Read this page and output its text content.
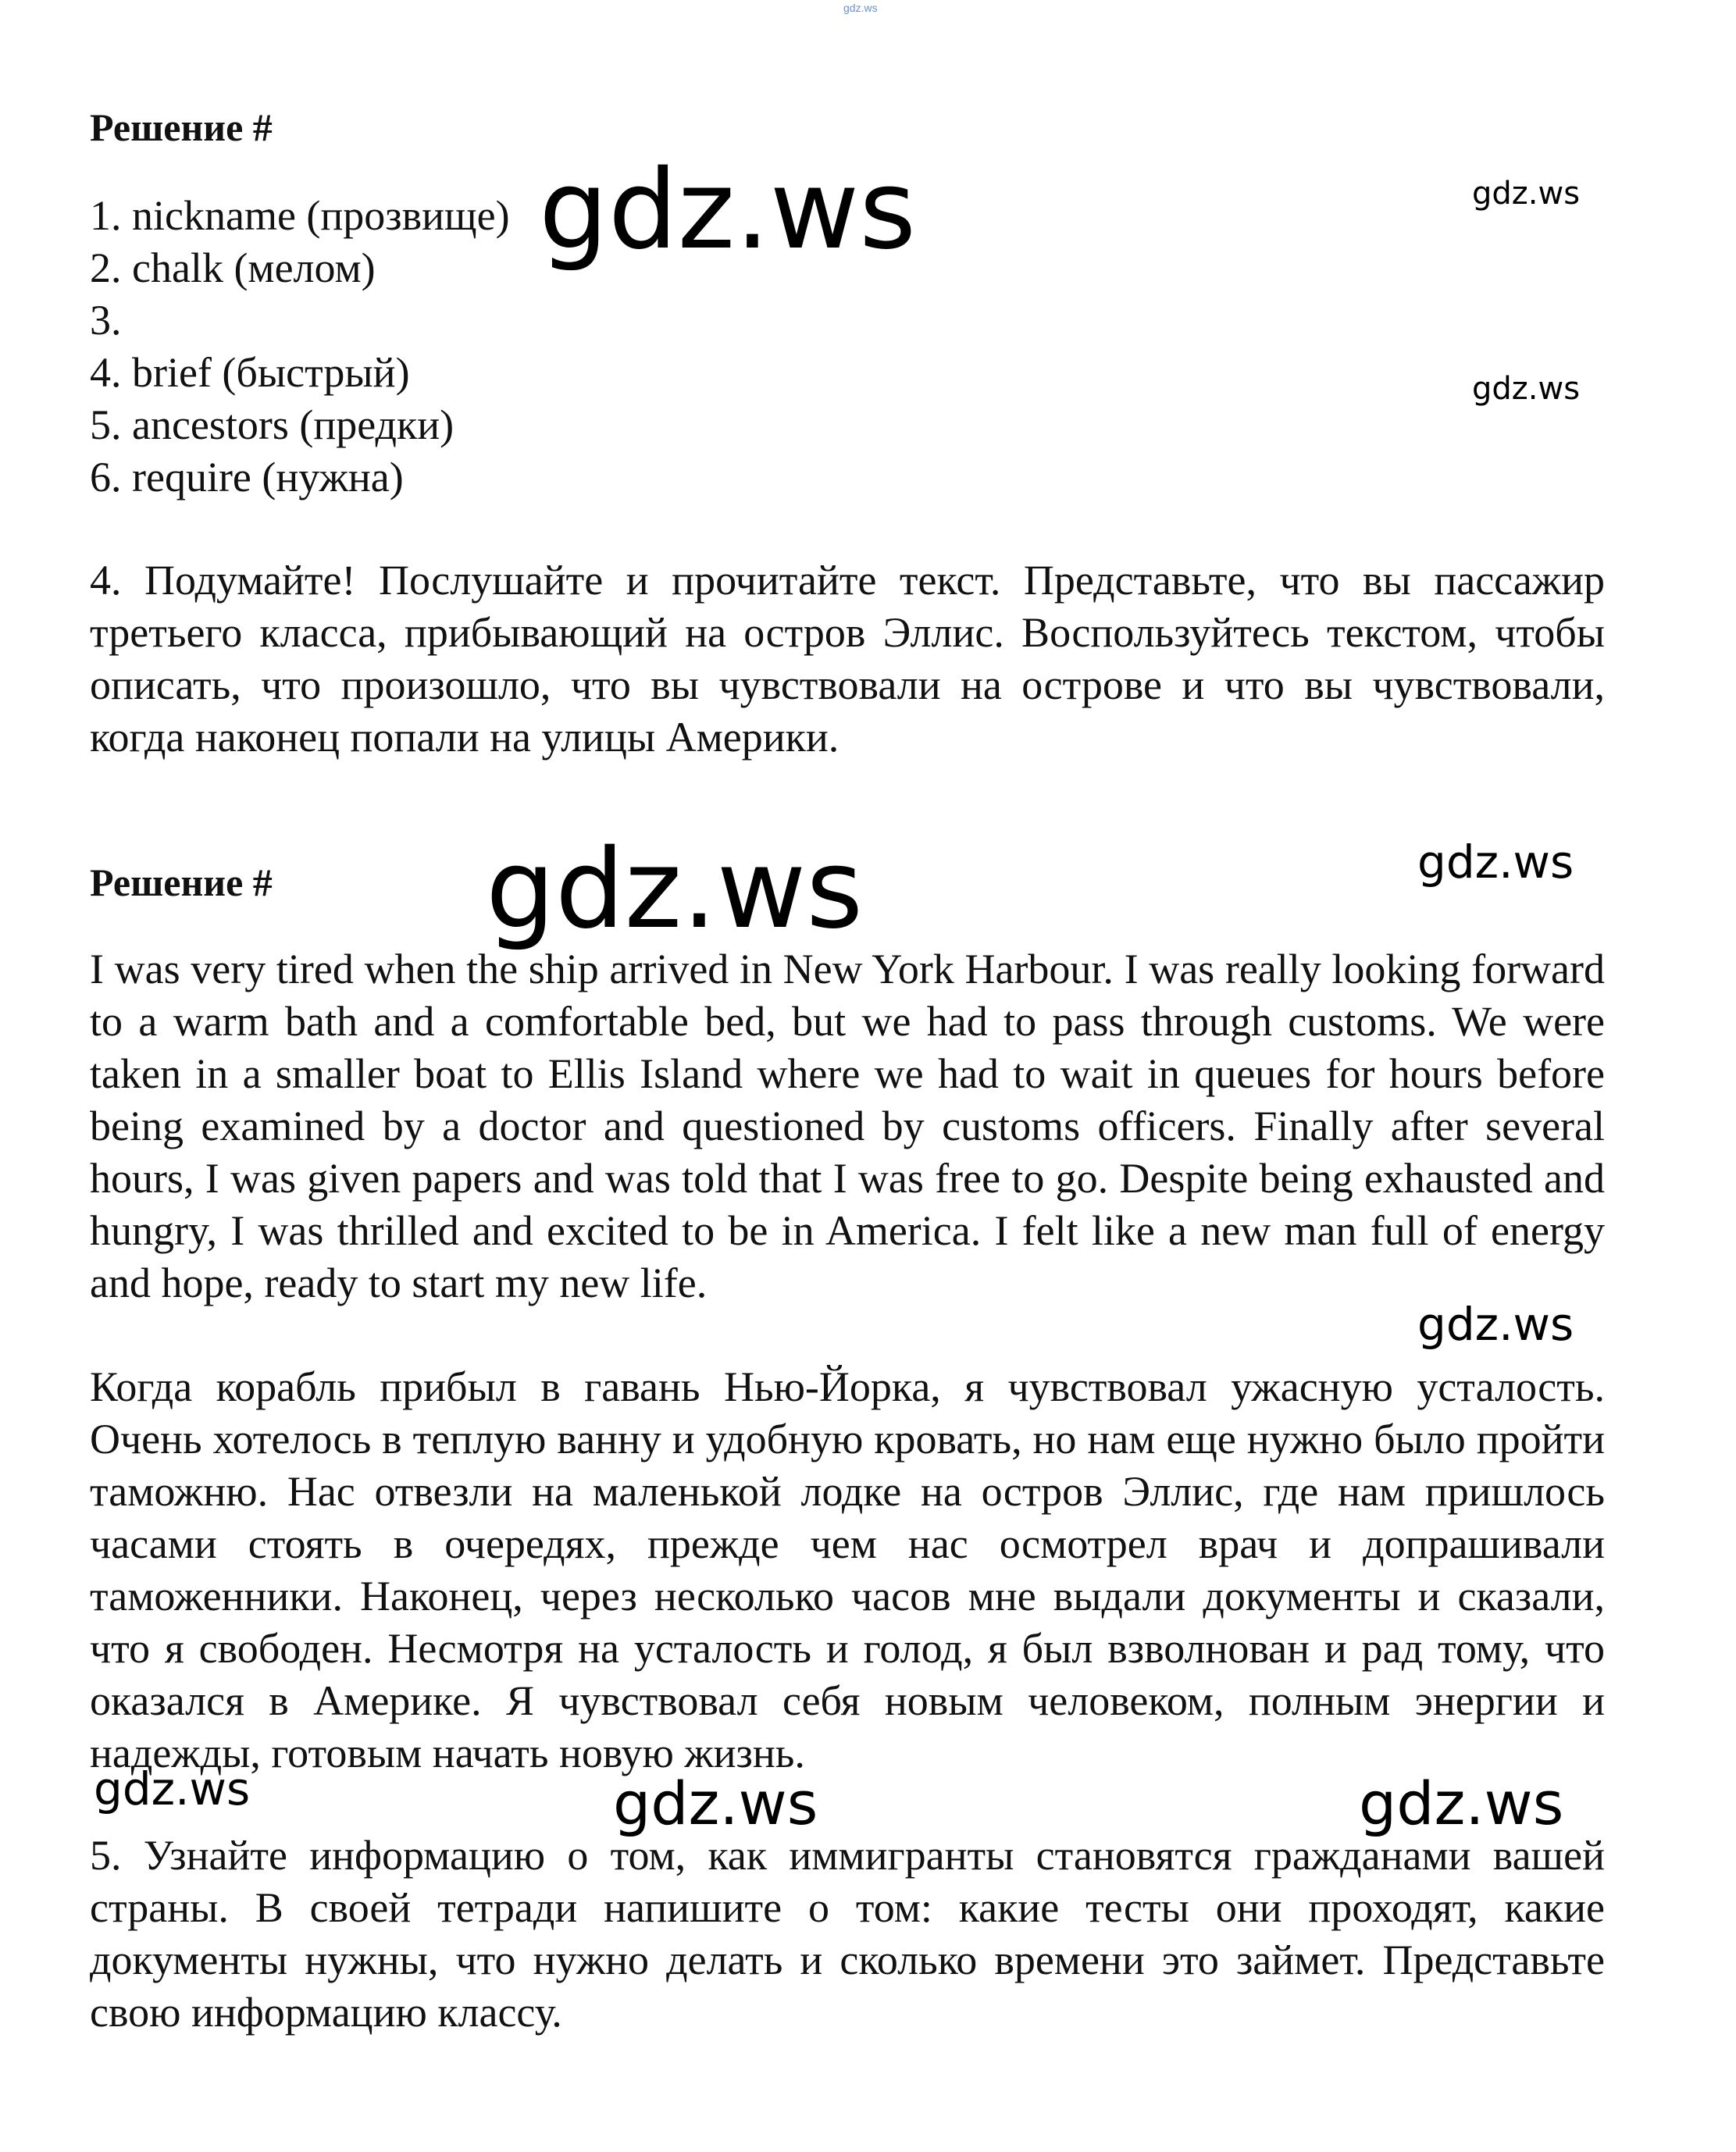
gdz.ws
Решение #
1. nickname (прозвище)
2. chalk (мелом)
3.
4. brief (быстрый)
5. ancestors (предки)
6. require (нужна)

4. Подумайте! Послушайте и прочитайте текст. Представьте, что вы пассажир третьего класса, прибывающий на остров Эллис. Воспользуйтесь текстом, чтобы описать, что произошло, что вы чувствовали на острове и что вы чувствовали, когда наконец попали на улицы Америки.

Решение #

I was very tired when the ship arrived in New York Harbour. I was really looking forward to a warm bath and a comfortable bed, but we had to pass through customs. We were taken in a smaller boat to Ellis Island where we had to wait in queues for hours before being examined by a doctor and questioned by customs officers. Finally after several hours, I was given papers and was told that I was free to go. Despite being exhausted and hungry, I was thrilled and excited to be in America. I felt like a new man full of energy and hope, ready to start my new life.

Когда корабль прибыл в гавань Нью-Йорка, я чувствовал ужасную усталость. Очень хотелось в теплую ванну и удобную кровать, но нам еще нужно было пройти таможню. Нас отвезли на маленькой лодке на остров Эллис, где нам пришлось часами стоять в очередях, прежде чем нас осмотрел врач и допрашивали таможенники. Наконец, через несколько часов мне выдали документы и сказали, что я свободен. Несмотря на усталость и голод, я был взволнован и рад тому, что оказался в Америке. Я чувствовал себя новым человеком, полным энергии и надежды, готовым начать новую жизнь.

5. Узнайте информацию о том, как иммигранты становятся гражданами вашей страны. В своей тетради напишите о том: какие тесты они проходят, какие документы нужны, что нужно делать и сколько времени это займет. Представьте свою информацию классу.

gdz.ws	gdz.ws
gdz.ws
gdz.ws	gdz.ws
gdz.ws
gdz.ws	gdz.ws	gdz.ws
